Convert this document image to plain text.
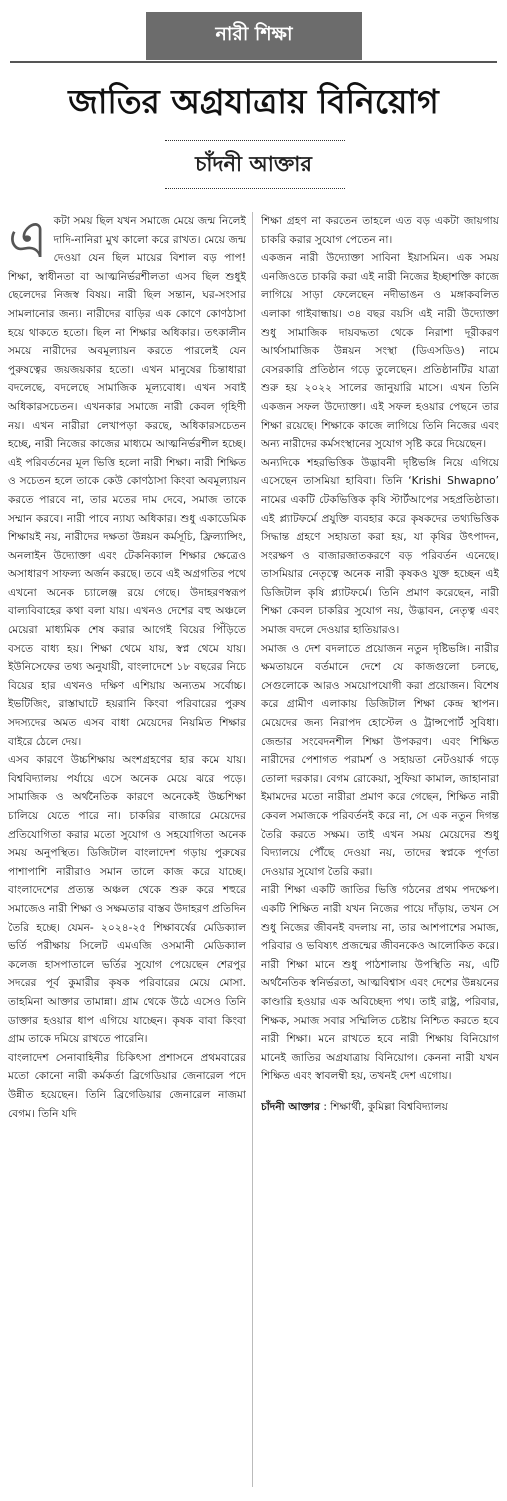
নারী শিক্ষা
জাতির অগ্রযাত্রায় বিনিয়োগ
চাঁদনী আক্তার

একটা সময় ছিল যখন সমাজে মেয়ে জন্ম নিলেই দাদি-নানিরা মুখ কালো করে রাখত। মেয়ে জন্ম দেওয়া যেন ছিল মায়ের বিশাল বড় পাপ! শিক্ষা, স্বাধীনতা বা আত্মনির্ভরশীলতা এসব ছিল শুধুই ছেলেদের নিজস্ব বিষয়। নারী ছিল সন্তান, ঘর-সংসার সামলানোর জন্য। নারীদের বাড়ির এক কোণে কোণঠাসা হয়ে থাকতে হতো। ছিল না শিক্ষার অধিকার। তৎকালীন সময়ে নারীদের অবমূল্যায়ন করতে পারলেই যেন পুরুষত্বের জয়জয়কার হতো। এখন মানুষের চিন্তাধারা বদলেছে, বদলেছে সামাজিক মূল্যবোধ। এখন সবাই অধিকারসচেতন। এখনকার সমাজে নারী কেবল গৃহিণী নয়। এখন নারীরা লেখাপড়া করছে, অধিকারসচেতন হচ্ছে, নারী নিজের কাজের মাধ্যমে আত্মনির্ভরশীল হচ্ছে। এই পরিবর্তনের মূল ভিত্তি হলো নারী শিক্ষা। নারী শিক্ষিত ও সচেতন হলে তাকে কেউ কোণঠাসা কিংবা অবমূল্যায়ন করতে পারবে না, তার মতের দাম দেবে, সমাজ তাকে সম্মান করবে। নারী পাবে ন্যায্য অধিকার। শুধু একাডেমিক শিক্ষায়ই নয়, নারীদের দক্ষতা উন্নয়ন কর্মসূচি, ফ্রিল্যান্সিং, অনলাইন উদ্যোক্তা এবং টেকনিক্যাল শিক্ষার ক্ষেত্রেও অসাধারণ সাফল্য অর্জন করছে। তবে এই অগ্রগতির পথে এখনো অনেক চ্যালেঞ্জ রয়ে গেছে। উদাহরণস্বরূপ বাল্যবিবাহের কথা বলা যায়। এখনও দেশের বহু অঞ্চলে মেয়েরা মাধ্যমিক শেষ করার আগেই বিয়ের পিঁড়িতে বসতে বাধ্য হয়। শিক্ষা থেমে যায়, স্বপ্ন থেমে যায়। ইউনিসেফের তথ্য অনুযায়ী, বাংলাদেশে ১৮ বছরের নিচে বিয়ের হার এখনও দক্ষিণ এশিয়ায় অন্যতম সর্বোচ্চ। ইভটিজিং, রাস্তাঘাটে হয়রানি কিংবা পরিবারের পুরুষ সদস্যদের অমত এসব বাধা মেয়েদের নিয়মিত শিক্ষার বাইরে ঠেলে দেয়।

এসব কারণে উচ্চশিক্ষায় অংশগ্রহণের হার কমে যায়। বিশ্ববিদ্যালয় পর্যায়ে এসে অনেক মেয়ে ঝরে পড়ে। সামাজিক ও অর্থনৈতিক কারণে অনেকেই উচ্চশিক্ষা চালিয়ে যেতে পারে না। চাকরির বাজারে মেয়েদের প্রতিযোগিতা করার মতো সুযোগ ও সহযোগিতা অনেক সময় অনুপস্থিত। ডিজিটাল বাংলাদেশ গড়ায় পুরুষের পাশাপাশি নারীরাও সমান তালে কাজ করে যাচ্ছে। বাংলাদেশের প্রত্যন্ত অঞ্চল থেকে শুরু করে শহুরে সমাজেও নারী শিক্ষা ও সক্ষমতার বাস্তব উদাহরণ প্রতিদিন তৈরি হচ্ছে। যেমন- ২০২৪-২৫ শিক্ষাবর্ষের মেডিক্যাল ভর্তি পরীক্ষায় সিলেট এমএজি ওসমানী মেডিক্যাল কলেজ হাসপাতালে ভর্তির সুযোগ পেয়েছেন শেরপুর সদরের পূর্ব কুমারীর কৃষক পরিবারের মেয়ে মোসা. তাহমিনা আক্তার তামান্না। গ্রাম থেকে উঠে এসেও তিনি ডাক্তার হওয়ার ধাপ এগিয়ে যাচ্ছেন। কৃষক বাবা কিংবা গ্রাম তাকে দমিয়ে রাখতে পারেনি।

বাংলাদেশ সেনাবাহিনীর চিকিৎসা প্রশাসনে প্রথমবারের মতো কোনো নারী কর্মকর্তা ব্রিগেডিয়ার জেনারেল পদে উন্নীত হয়েছেন। তিনি ব্রিগেডিয়ার জেনারেল নাজমা বেগম। তিনি যদি

শিক্ষা গ্রহণ না করতেন তাহলে এত বড় একটা জায়গায় চাকরি করার সুযোগ পেতেন না।

একজন নারী উদ্যোক্তা সাবিনা ইয়াসমিন। এক সময় এনজিওতে চাকরি করা এই নারী নিজের ইচ্ছাশক্তি কাজে লাগিয়ে সাড়া ফেলেছেন নদীভাঙন ও মঙ্গাকবলিত এলাকা গাইবান্ধায়। ৩৪ বছর বয়সি এই নারী উদ্যোক্তা শুধু সামাজিক দায়বদ্ধতা থেকে নিরাশা দূরীকরণ আর্থসামাজিক উন্নয়ন সংস্থা (ডিএসডিও) নামে বেসরকারি প্রতিষ্ঠান গড়ে তুলেছেন। প্রতিষ্ঠানটির যাত্রা শুরু হয় ২০২২ সালের জানুয়ারি মাসে। এখন তিনি একজন সফল উদ্যোক্তা। এই সফল হওয়ার পেছনে তার শিক্ষা রয়েছে। শিক্ষাকে কাজে লাগিয়ে তিনি নিজের এবং অন্য নারীদের কর্মসংস্থানের সুযোগ সৃষ্টি করে দিয়েছেন।

অন্যদিকে শহরভিত্তিক উদ্ভাবনী দৃষ্টিভঙ্গি নিয়ে এগিয়ে এসেছেন তাসমিয়া হাবিবা। তিনি ‘Krishi Shwapno’ নামের একটি টেকভিত্তিক কৃষি স্টার্টআপের সহপ্রতিষ্ঠাতা। এই প্ল্যাটফর্মে প্রযুক্তি ব্যবহার করে কৃষকদের তথ্যভিত্তিক সিদ্ধান্ত গ্রহণে সহায়তা করা হয়, যা কৃষির উৎপাদন, সংরক্ষণ ও বাজারজাতকরণে বড় পরিবর্তন এনেছে। তাসমিয়ার নেতৃত্বে অনেক নারী কৃষকও যুক্ত হচ্ছেন এই ডিজিটাল কৃষি প্ল্যাটফর্মে। তিনি প্রমাণ করেছেন, নারী শিক্ষা কেবল চাকরির সুযোগ নয়, উদ্ভাবন, নেতৃত্ব এবং সমাজ বদলে দেওয়ার হাতিয়ারও।

সমাজ ও দেশ বদলাতে প্রয়োজন নতুন দৃষ্টিভঙ্গি। নারীর ক্ষমতায়নে বর্তমানে দেশে যে কাজগুলো চলছে, সেগুলোকে আরও সময়োপযোগী করা প্রয়োজন। বিশেষ করে গ্রামীণ এলাকায় ডিজিটাল শিক্ষা কেন্দ্র স্থাপন। মেয়েদের জন্য নিরাপদ হোস্টেল ও ট্রান্সপোর্ট সুবিধা। জেন্ডার সংবেদনশীল শিক্ষা উপকরণ। এবং শিক্ষিত নারীদের পেশাগত পরামর্শ ও সহায়তা নেটওয়ার্ক গড়ে তোলা দরকার। বেগম রোকেয়া, সুফিয়া কামাল, জাহানারা ইমামদের মতো নারীরা প্রমাণ করে গেছেন, শিক্ষিত নারী কেবল সমাজকে পরিবর্তনই করে না, সে এক নতুন দিগন্ত তৈরি করতে সক্ষম। তাই এখন সময় মেয়েদের শুধু বিদ্যালয়ে পৌঁছে দেওয়া নয়, তাদের স্বপ্নকে পূর্ণতা দেওয়ার সুযোগ তৈরি করা।

নারী শিক্ষা একটি জাতির ভিত্তি গঠনের প্রথম পদক্ষেপ। একটি শিক্ষিত নারী যখন নিজের পায়ে দাঁড়ায়, তখন সে শুধু নিজের জীবনই বদলায় না, তার আশপাশের সমাজ, পরিবার ও ভবিষ্যৎ প্রজন্মের জীবনকেও আলোকিত করে। নারী শিক্ষা মানে শুধু পাঠশালায় উপস্থিতি নয়, এটি অর্থনৈতিক স্বনির্ভরতা, আত্মবিশ্বাস এবং দেশের উন্নয়নের কাণ্ডারি হওয়ার এক অবিচ্ছেদ্য পথ। তাই রাষ্ট্র, পরিবার, শিক্ষক, সমাজ সবার সম্মিলিত চেষ্টায় নিশ্চিত করতে হবে নারী শিক্ষা। মনে রাখতে হবে নারী শিক্ষায় বিনিয়োগ মানেই জাতির অগ্রযাত্রায় বিনিয়োগ। কেননা নারী যখন শিক্ষিত এবং স্বাবলম্বী হয়, তখনই দেশ এগোয়।

চাঁদনী আক্তার : শিক্ষার্থী, কুমিল্লা বিশ্ববিদ্যালয়
